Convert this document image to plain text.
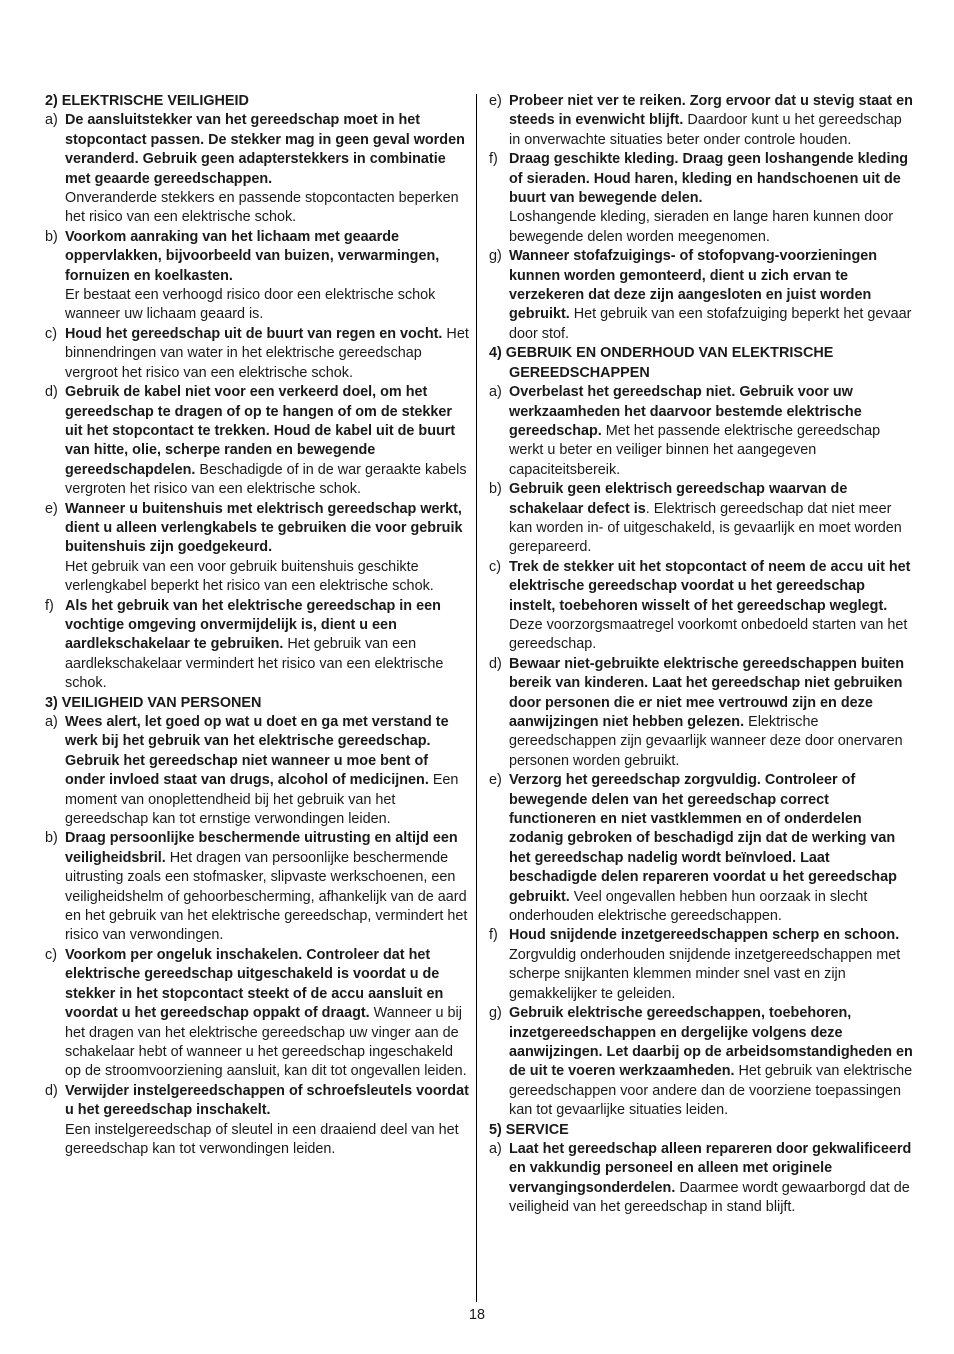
2) ELEKTRISCHE VEILIGHEID
a) De aansluitstekker van het gereedschap moet in het stopcontact passen. De stekker mag in geen geval worden veranderd. Gebruik geen adapterstekkers in combinatie met geaarde gereedschappen.
Onveranderde stekkers en passende stopcontacten beperken het risico van een elektrische schok.
b) Voorkom aanraking van het lichaam met geaarde oppervlakken, bijvoorbeeld van buizen, verwarmingen, fornuizen en koelkasten.
Er bestaat een verhoogd risico door een elektrische schok wanneer uw lichaam geaard is.
c) Houd het gereedschap uit de buurt van regen en vocht. Het binnendringen van water in het elektrische gereedschap vergroot het risico van een elektrische schok.
d) Gebruik de kabel niet voor een verkeerd doel, om het gereedschap te dragen of op te hangen of om de stekker uit het stopcontact te trekken. Houd de kabel uit de buurt van hitte, olie, scherpe randen en bewegende gereedschapdelen. Beschadigde of in de war geraakte kabels vergroten het risico van een elektrische schok.
e) Wanneer u buitenshuis met elektrisch gereedschap werkt, dient u alleen verlengkabels te gebruiken die voor gebruik buitenshuis zijn goedgekeurd.
Het gebruik van een voor gebruik buitenshuis geschikte verlengkabel beperkt het risico van een elektrische schok.
f) Als het gebruik van het elektrische gereedschap in een vochtige omgeving onvermijdelijk is, dient u een aardlekschakelaar te gebruiken. Het gebruik van een aardlekschakelaar vermindert het risico van een elektrische schok.
3) VEILIGHEID VAN PERSONEN
a) Wees alert, let goed op wat u doet en ga met verstand te werk bij het gebruik van het elektrische gereedschap. Gebruik het gereedschap niet wanneer u moe bent of onder invloed staat van drugs, alcohol of medicijnen. Een moment van onoplettendheid bij het gebruik van het gereedschap kan tot ernstige verwondingen leiden.
b) Draag persoonlijke beschermende uitrusting en altijd een veiligheidsbril. Het dragen van persoonlijke beschermende uitrusting zoals een stofmasker, slipvaste werkschoenen, een veiligheidshelm of gehoorbescherming, afhankelijk van de aard en het gebruik van het elektrische gereedschap, vermindert het risico van verwondingen.
c) Voorkom per ongeluk inschakelen. Controleer dat het elektrische gereedschap uitgeschakeld is voordat u de stekker in het stopcontact steekt of de accu aansluit en voordat u het gereedschap oppakt of draagt. Wanneer u bij het dragen van het elektrische gereedschap uw vinger aan de schakelaar hebt of wanneer u het gereedschap ingeschakeld op de stroomvoorziening aansluit, kan dit tot ongevallen leiden.
d) Verwijder instelgereedschappen of schroefsleutels voordat u het gereedschap inschakelt.
Een instelgereedschap of sleutel in een draaiend deel van het gereedschap kan tot verwondingen leiden.
e) Probeer niet ver te reiken. Zorg ervoor dat u stevig staat en steeds in evenwicht blijft. Daardoor kunt u het gereedschap in onverwachte situaties beter onder controle houden.
f) Draag geschikte kleding. Draag geen loshangende kleding of sieraden. Houd haren, kleding en handschoenen uit de buurt van bewegende delen.
Loshangende kleding, sieraden en lange haren kunnen door bewegende delen worden meegenomen.
g) Wanneer stofafzuigings- of stofopvang-voorzieningen kunnen worden gemonteerd, dient u zich ervan te verzekeren dat deze zijn aangesloten en juist worden gebruikt. Het gebruik van een stofafzuiging beperkt het gevaar door stof.
4) GEBRUIK EN ONDERHOUD VAN ELEKTRISCHE GEREEDSCHAPPEN
a) Overbelast het gereedschap niet. Gebruik voor uw werkzaamheden het daarvoor bestemde elektrische gereedschap. Met het passende elektrische gereedschap werkt u beter en veiliger binnen het aangegeven capaciteitsbereik.
b) Gebruik geen elektrisch gereedschap waarvan de schakelaar defect is. Elektrisch gereedschap dat niet meer kan worden in- of uitgeschakeld, is gevaarlijk en moet worden gerepareerd.
c) Trek de stekker uit het stopcontact of neem de accu uit het elektrische gereedschap voordat u het gereedschap instelt, toebehoren wisselt of het gereedschap weglegt. Deze voorzorgsmaatregel voorkomt onbedoeld starten van het gereedschap.
d) Bewaar niet-gebruikte elektrische gereedschappen buiten bereik van kinderen. Laat het gereedschap niet gebruiken door personen die er niet mee vertrouwd zijn en deze aanwijzingen niet hebben gelezen. Elektrische gereedschappen zijn gevaarlijk wanneer deze door onervaren personen worden gebruikt.
e) Verzorg het gereedschap zorgvuldig. Controleer of bewegende delen van het gereedschap correct functioneren en niet vastklemmen en of onderdelen zodanig gebroken of beschadigd zijn dat de werking van het gereedschap nadelig wordt beïnvloed. Laat beschadigde delen repareren voordat u het gereedschap gebruikt. Veel ongevallen hebben hun oorzaak in slecht onderhouden elektrische gereedschappen.
f) Houd snijdende inzetgereedschappen scherp en schoon. Zorgvuldig onderhouden snijdende inzetgereedschappen met scherpe snijkanten klemmen minder snel vast en zijn gemakkelijker te geleiden.
g) Gebruik elektrische gereedschappen, toebehoren, inzetgereedschappen en dergelijke volgens deze aanwijzingen. Let daarbij op de arbeidsomstandigheden en de uit te voeren werkzaamheden. Het gebruik van elektrische gereedschappen voor andere dan de voorziene toepassingen kan tot gevaarlijke situaties leiden.
5) SERVICE
a) Laat het gereedschap alleen repareren door gekwalificeerd en vakkundig personeel en alleen met originele vervangingsonderdelen. Daarmee wordt gewaarborgd dat de veiligheid van het gereedschap in stand blijft.
18
